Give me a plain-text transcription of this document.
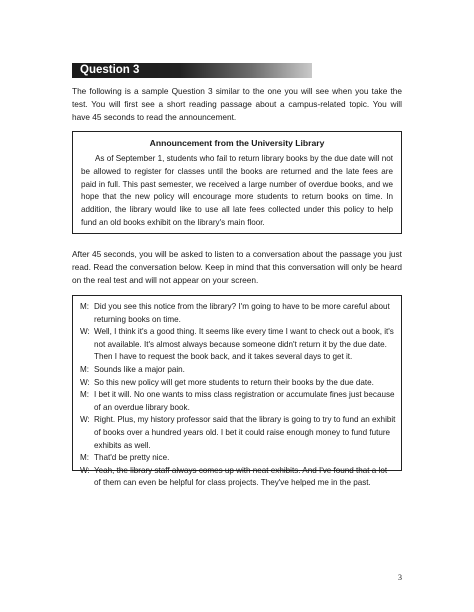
Question 3

The following is a sample Question 3 similar to the one you will see when you take the test. You will first see a short reading passage about a campus-related topic. You will have 45 seconds to read the announcement.

Announcement from the University Library

As of September 1, students who fail to return library books by the due date will not be allowed to register for classes until the books are returned and the late fees are paid in full. This past semester, we received a large number of overdue books, and we hope that the new policy will encourage more students to return books on time. In addition, the library would like to use all late fees collected under this policy to help fund an old books exhibit on the library's main floor.

After 45 seconds, you will be asked to listen to a conversation about the passage you just read. Read the conversation below. Keep in mind that this conversation will only be heard on the real test and will not appear on your screen.

M: Did you see this notice from the library? I'm going to have to be more careful about returning books on time.
W: Well, I think it's a good thing. It seems like every time I want to check out a book, it's not available. It's almost always because someone didn't return it by the due date. Then I have to request the book back, and it takes several days to get it.
M: Sounds like a major pain.
W: So this new policy will get more students to return their books by the due date.
M: I bet it will. No one wants to miss class registration or accumulate fines just because of an overdue library book.
W: Right. Plus, my history professor said that the library is going to try to fund an exhibit of books over a hundred years old. I bet it could raise enough money to fund future exhibits as well.
M: That'd be pretty nice.
W: Yeah, the library staff always comes up with neat exhibits. And I've found that a lot of them can even be helpful for class projects. They've helped me in the past.
3
